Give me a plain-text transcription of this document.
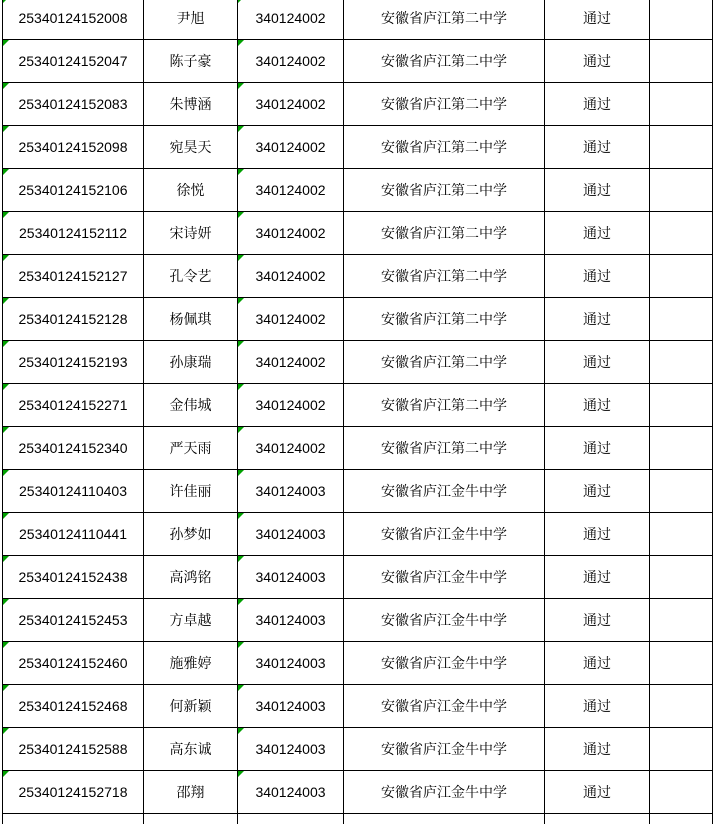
25340124152008	尹旭	340124002	安徽省庐江第二中学	通过	
25340124152047	陈子豪	340124002	安徽省庐江第二中学	通过	
25340124152083	朱博涵	340124002	安徽省庐江第二中学	通过	
25340124152098	宛昊天	340124002	安徽省庐江第二中学	通过	
25340124152106	徐悦	340124002	安徽省庐江第二中学	通过	
25340124152112	宋诗妍	340124002	安徽省庐江第二中学	通过	
25340124152127	孔令艺	340124002	安徽省庐江第二中学	通过	
25340124152128	杨佩琪	340124002	安徽省庐江第二中学	通过	
25340124152193	孙康瑞	340124002	安徽省庐江第二中学	通过	
25340124152271	金伟城	340124002	安徽省庐江第二中学	通过	
25340124152340	严天雨	340124002	安徽省庐江第二中学	通过	
25340124110403	许佳丽	340124003	安徽省庐江金牛中学	通过	
25340124110441	孙梦如	340124003	安徽省庐江金牛中学	通过	
25340124152438	高鸿铭	340124003	安徽省庐江金牛中学	通过	
25340124152453	方卓越	340124003	安徽省庐江金牛中学	通过	
25340124152460	施雅婷	340124003	安徽省庐江金牛中学	通过	
25340124152468	何新颖	340124003	安徽省庐江金牛中学	通过	
25340124152588	高东诚	340124003	安徽省庐江金牛中学	通过	
25340124152718	邵翔	340124003	安徽省庐江金牛中学	通过	
